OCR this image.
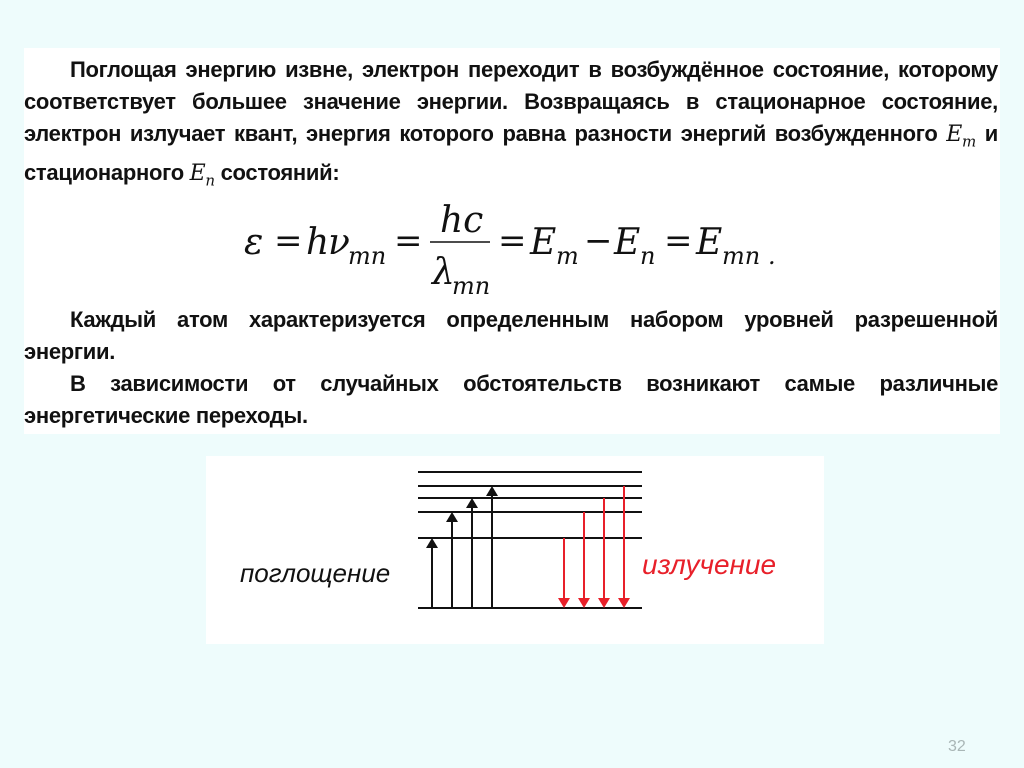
Поглощая энергию извне, электрон переходит в возбуждённое состояние, которому соответствует большее значение энергии. Возвращаясь в стационарное состояние, электрон излучает квант, энергия которого равна разности энергий возбужденного $E_m$ и стационарного $E_n$ состояний:

Каждый атом характеризуется определенным набором уровней разрешенной энергии.

В зависимости от случайных обстоятельств возникают самые различные энергетические переходы.

ε = h
ν
mn = hc
λ
mn
= E m − E n = E mn .
поглощение	излучение
32
